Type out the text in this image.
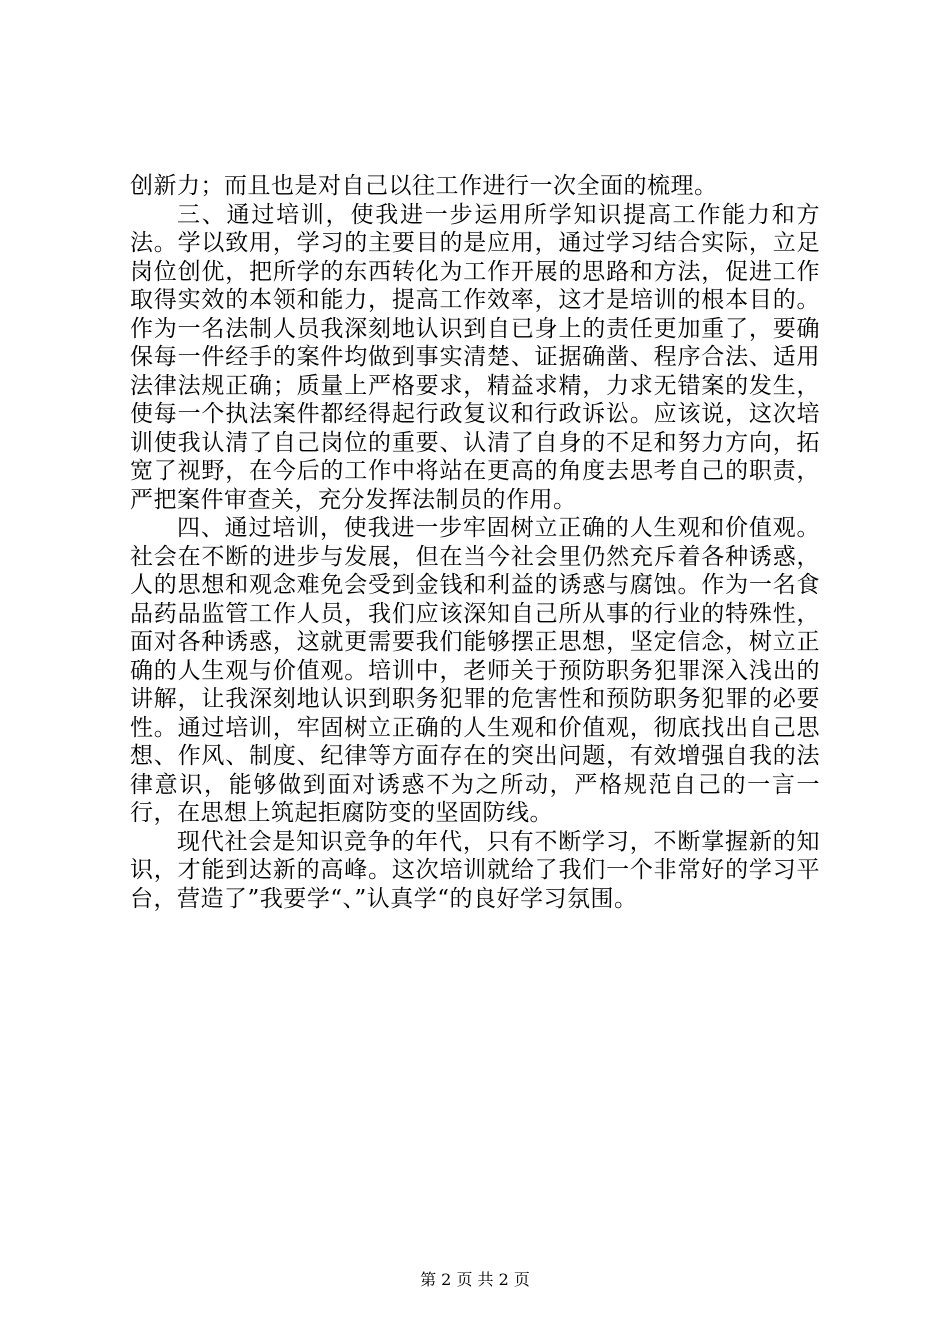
创新力；而且也是对自己以往工作进行一次全面的梳理。

三、通过培训，使我进一步运用所学知识提高工作能力和方法。学以致用，学习的主要目的是应用，通过学习结合实际，立足岗位创优，把所学的东西转化为工作开展的思路和方法，促进工作取得实效的本领和能力，提高工作效率，这才是培训的根本目的。作为一名法制人员我深刻地认识到自已身上的责任更加重了，要确保每一件经手的案件均做到事实清楚、证据确凿、程序合法、适用法律法规正确；质量上严格要求，精益求精，力求无错案的发生，使每一个执法案件都经得起行政复议和行政诉讼。应该说，这次培训使我认清了自己岗位的重要、认清了自身的不足和努力方向，拓宽了视野，在今后的工作中将站在更高的角度去思考自己的职责，严把案件审查关，充分发挥法制员的作用。

四、通过培训，使我进一步牢固树立正确的人生观和价值观。社会在不断的进步与发展，但在当今社会里仍然充斥着各种诱惑，人的思想和观念难免会受到金钱和利益的诱惑与腐蚀。作为一名食品药品监管工作人员，我们应该深知自己所从事的行业的特殊性，面对各种诱惑，这就更需要我们能够摆正思想，坚定信念，树立正确的人生观与价值观。培训中，老师关于预防职务犯罪深入浅出的讲解，让我深刻地认识到职务犯罪的危害性和预防职务犯罪的必要性。通过培训，牢固树立正确的人生观和价值观，彻底找出自己思想、作风、制度、纪律等方面存在的突出问题，有效增强自我的法律意识，能够做到面对诱惑不为之所动，严格规范自己的一言一行，在思想上筑起拒腐防变的坚固防线。

现代社会是知识竞争的年代，只有不断学习，不断掌握新的知识，才能到达新的高峰。这次培训就给了我们一个非常好的学习平台，营造了”我要学“、”认真学“的良好学习氛围。

第 2 页 共 2 页
